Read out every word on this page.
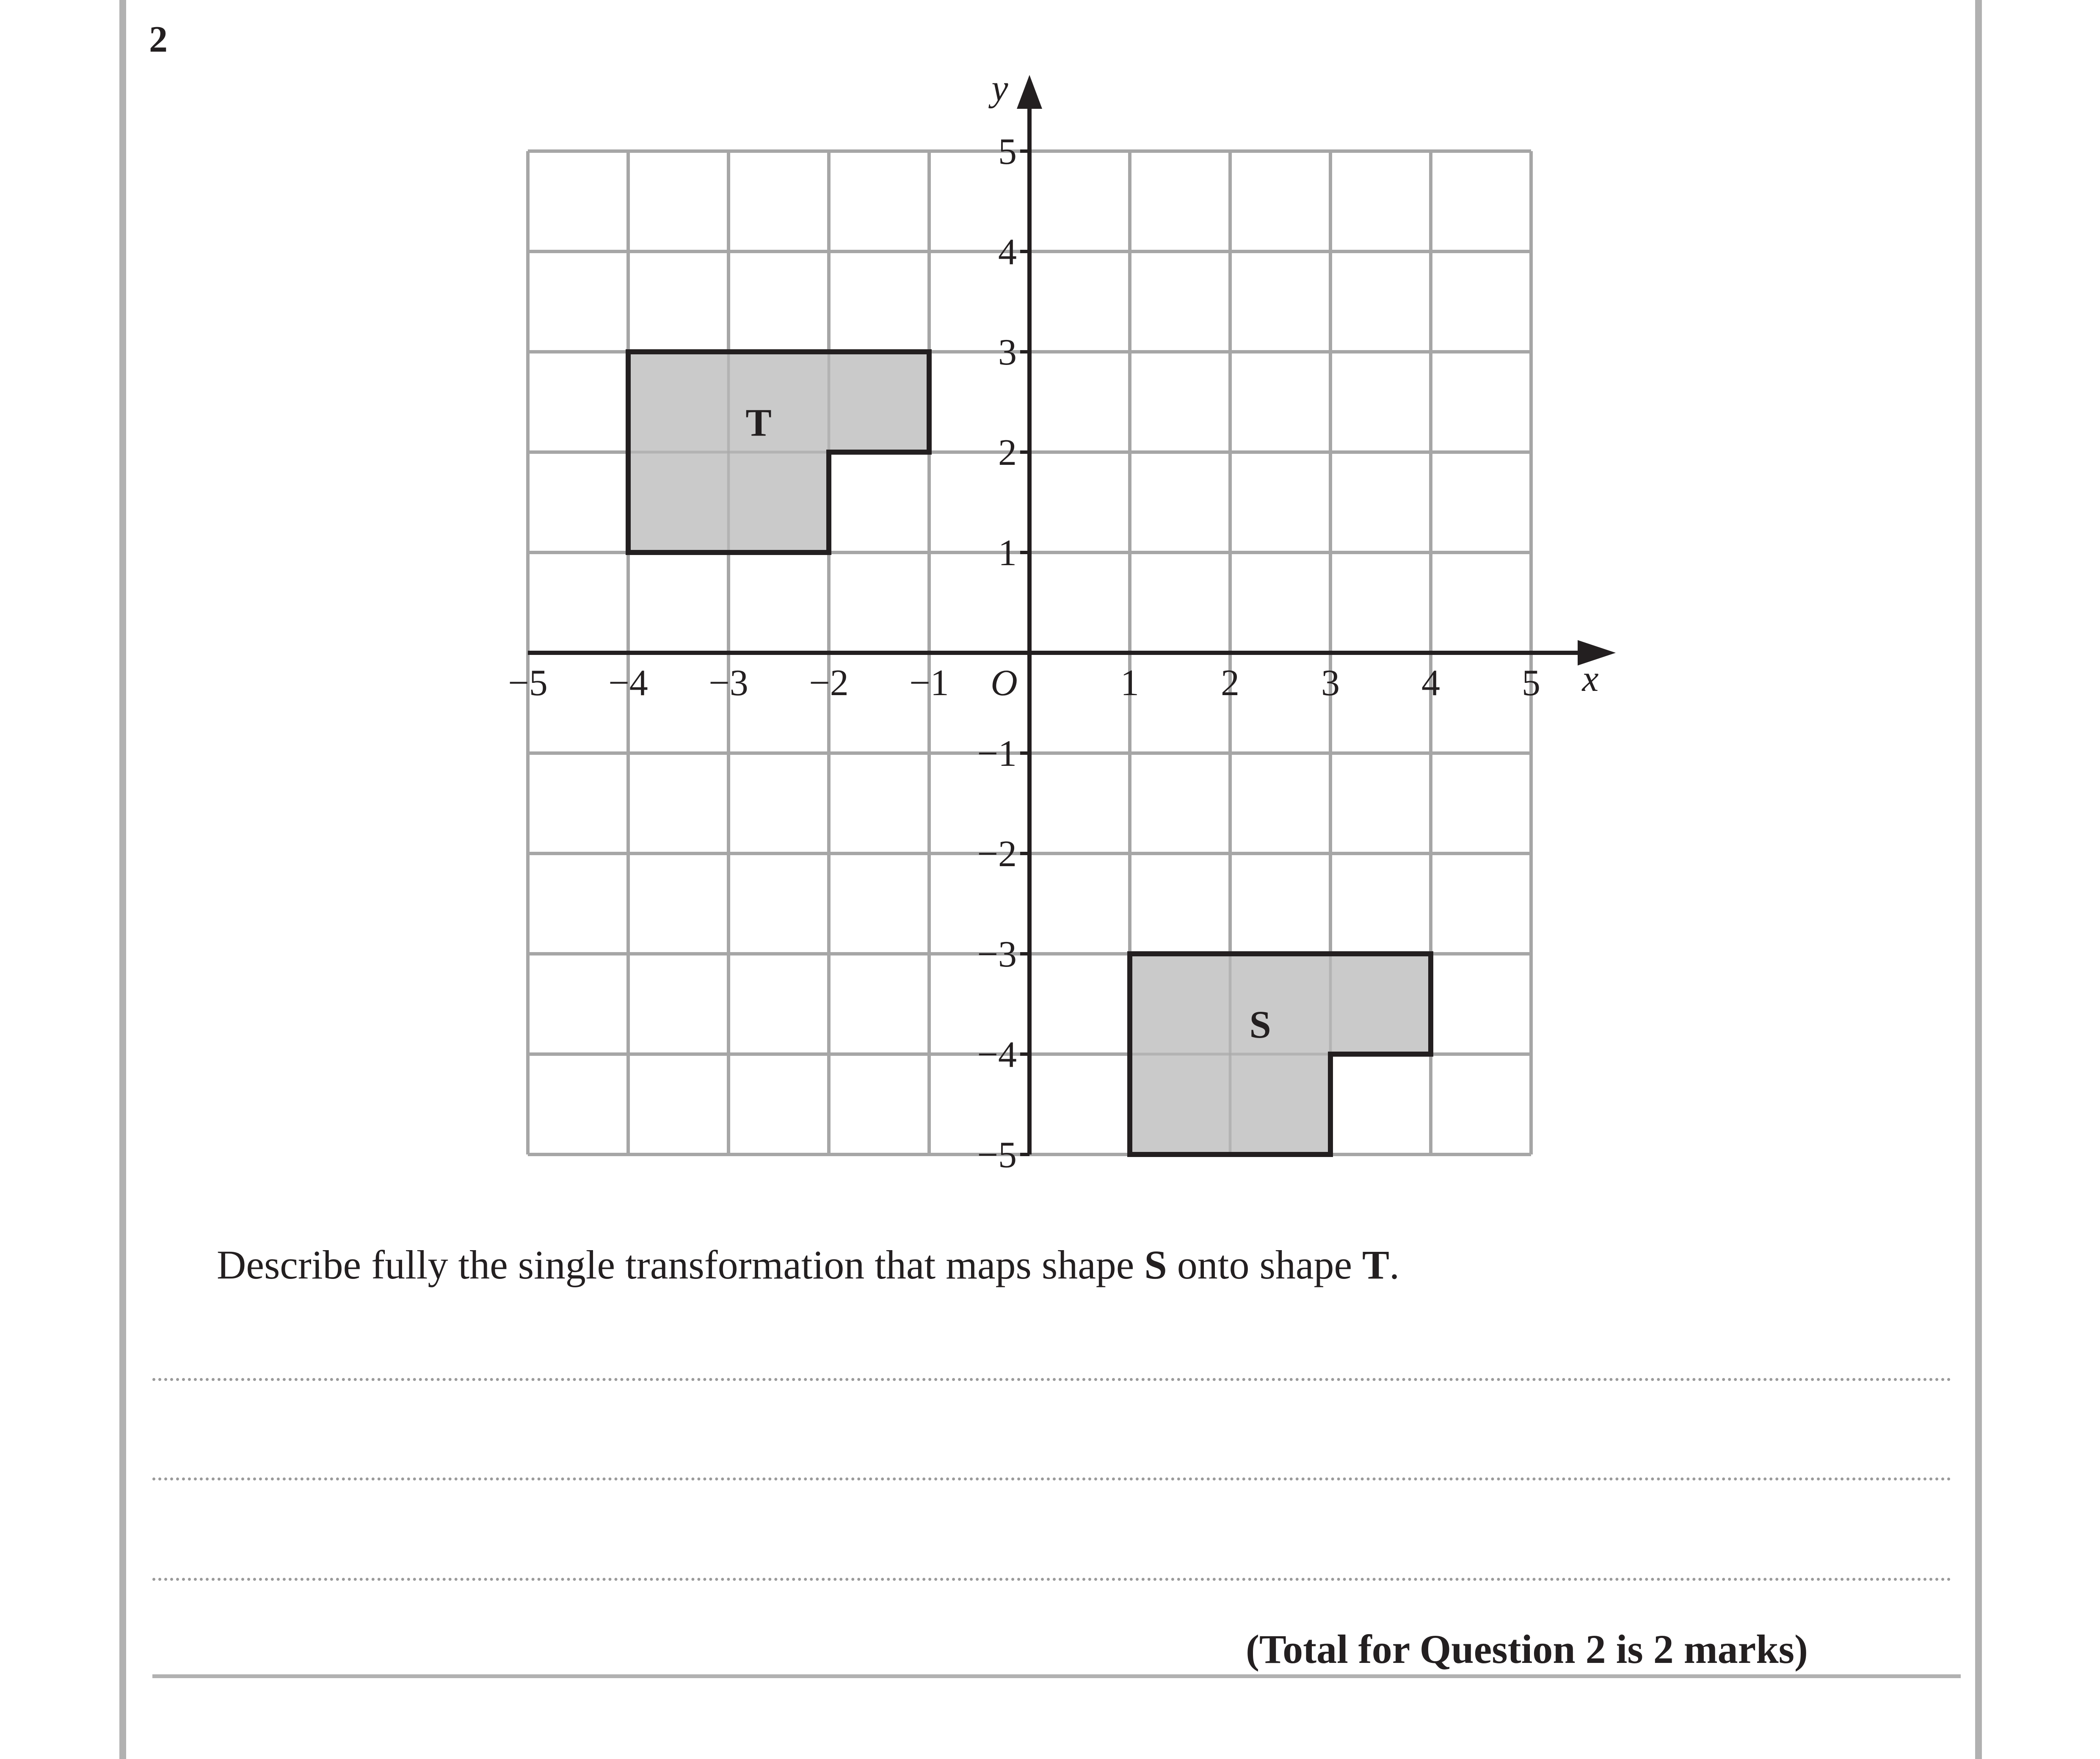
2
−5 −4 −3 −2 −1	1 2 3 4 5
5
4
3
2
1
−1
−2
−3
−4
−5
O	x
y
T
S
Describe fully the single transformation that maps shape S onto shape T.
(Total for Question 2 is 2 marks)
